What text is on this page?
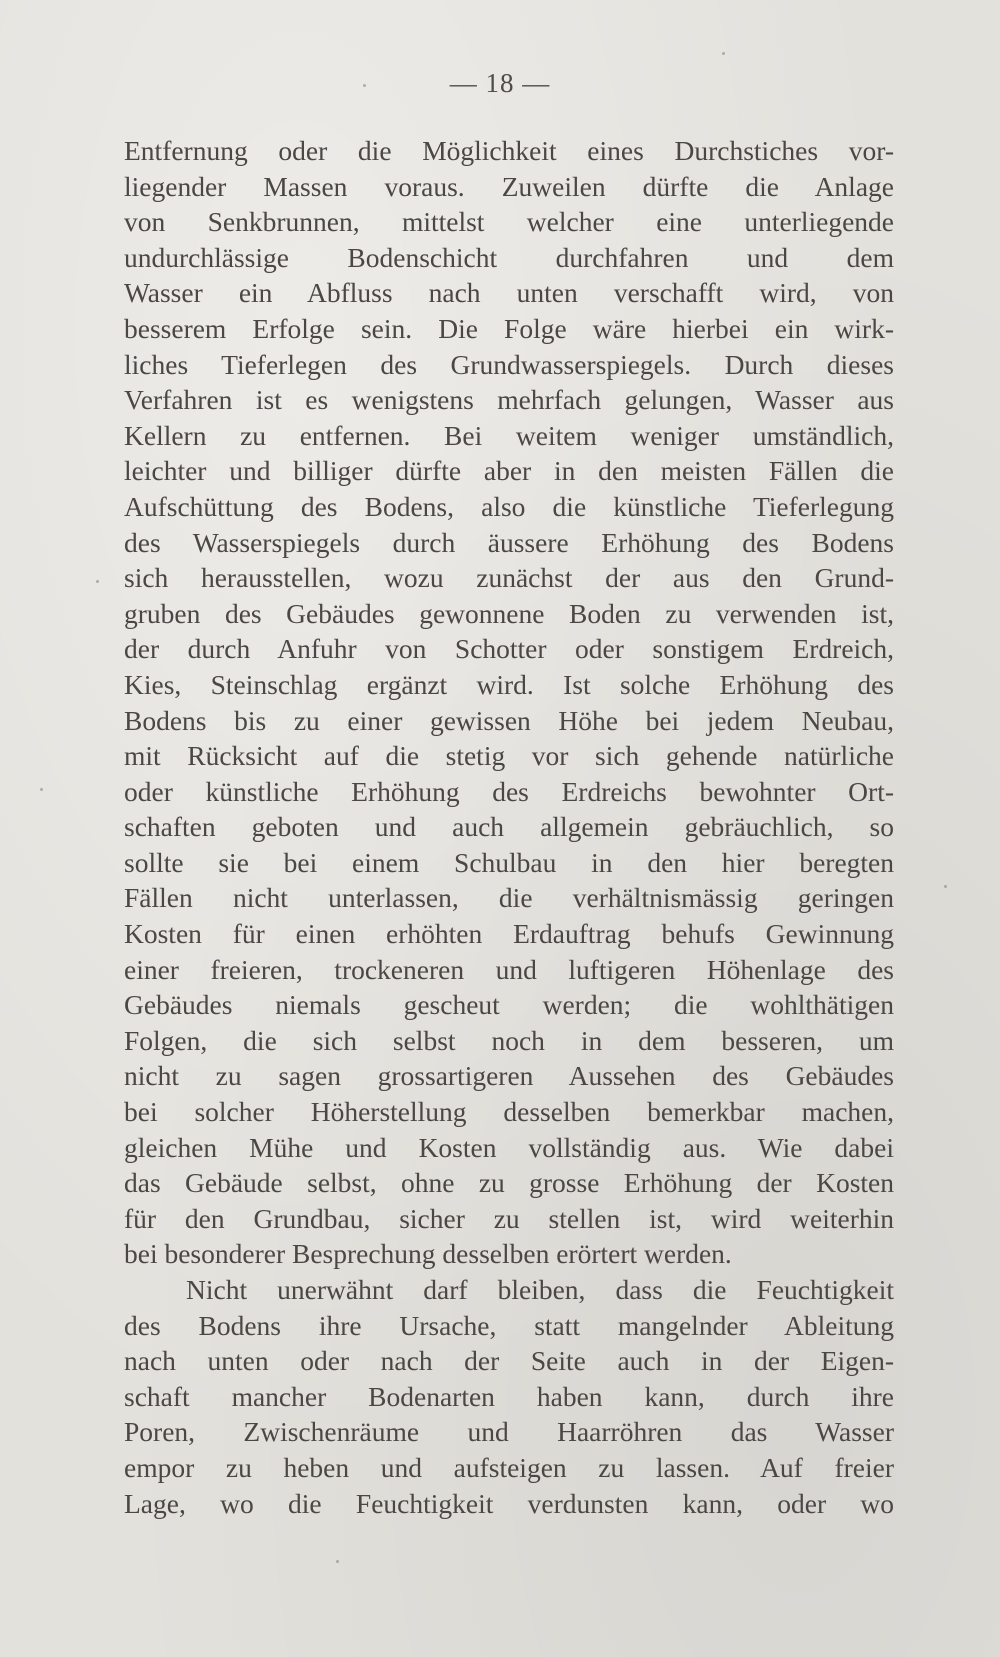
— 18 —
Entfernung oder die Möglichkeit eines Durchstiches vor-
liegender Massen voraus. Zuweilen dürfte die Anlage
von Senkbrunnen, mittelst welcher eine unterliegende
undurchlässige Bodenschicht durchfahren und dem
Wasser ein Abfluss nach unten verschafft wird, von
besserem Erfolge sein. Die Folge wäre hierbei ein wirk-
liches Tieferlegen des Grundwasserspiegels. Durch dieses
Verfahren ist es wenigstens mehrfach gelungen, Wasser aus
Kellern zu entfernen. Bei weitem weniger umständlich,
leichter und billiger dürfte aber in den meisten Fällen die
Aufschüttung des Bodens, also die künstliche Tieferlegung
des Wasserspiegels durch äussere Erhöhung des Bodens
sich herausstellen, wozu zunächst der aus den Grund-
gruben des Gebäudes gewonnene Boden zu verwenden ist,
der durch Anfuhr von Schotter oder sonstigem Erdreich,
Kies, Steinschlag ergänzt wird. Ist solche Erhöhung des
Bodens bis zu einer gewissen Höhe bei jedem Neubau,
mit Rücksicht auf die stetig vor sich gehende natürliche
oder künstliche Erhöhung des Erdreichs bewohnter Ort-
schaften geboten und auch allgemein gebräuchlich, so
sollte sie bei einem Schulbau in den hier beregten
Fällen nicht unterlassen, die verhältnismässig geringen
Kosten für einen erhöhten Erdauftrag behufs Gewinnung
einer freieren, trockeneren und luftigeren Höhenlage des
Gebäudes niemals gescheut werden; die wohlthätigen
Folgen, die sich selbst noch in dem besseren, um
nicht zu sagen grossartigeren Aussehen des Gebäudes
bei solcher Höherstellung desselben bemerkbar machen,
gleichen Mühe und Kosten vollständig aus. Wie dabei
das Gebäude selbst, ohne zu grosse Erhöhung der Kosten
für den Grundbau, sicher zu stellen ist, wird weiterhin
bei besonderer Besprechung desselben erörtert werden.
Nicht unerwähnt darf bleiben, dass die Feuchtigkeit
des Bodens ihre Ursache, statt mangelnder Ableitung
nach unten oder nach der Seite auch in der Eigen-
schaft mancher Bodenarten haben kann, durch ihre
Poren, Zwischenräume und Haarröhren das Wasser
empor zu heben und aufsteigen zu lassen. Auf freier
Lage, wo die Feuchtigkeit verdunsten kann, oder wo
